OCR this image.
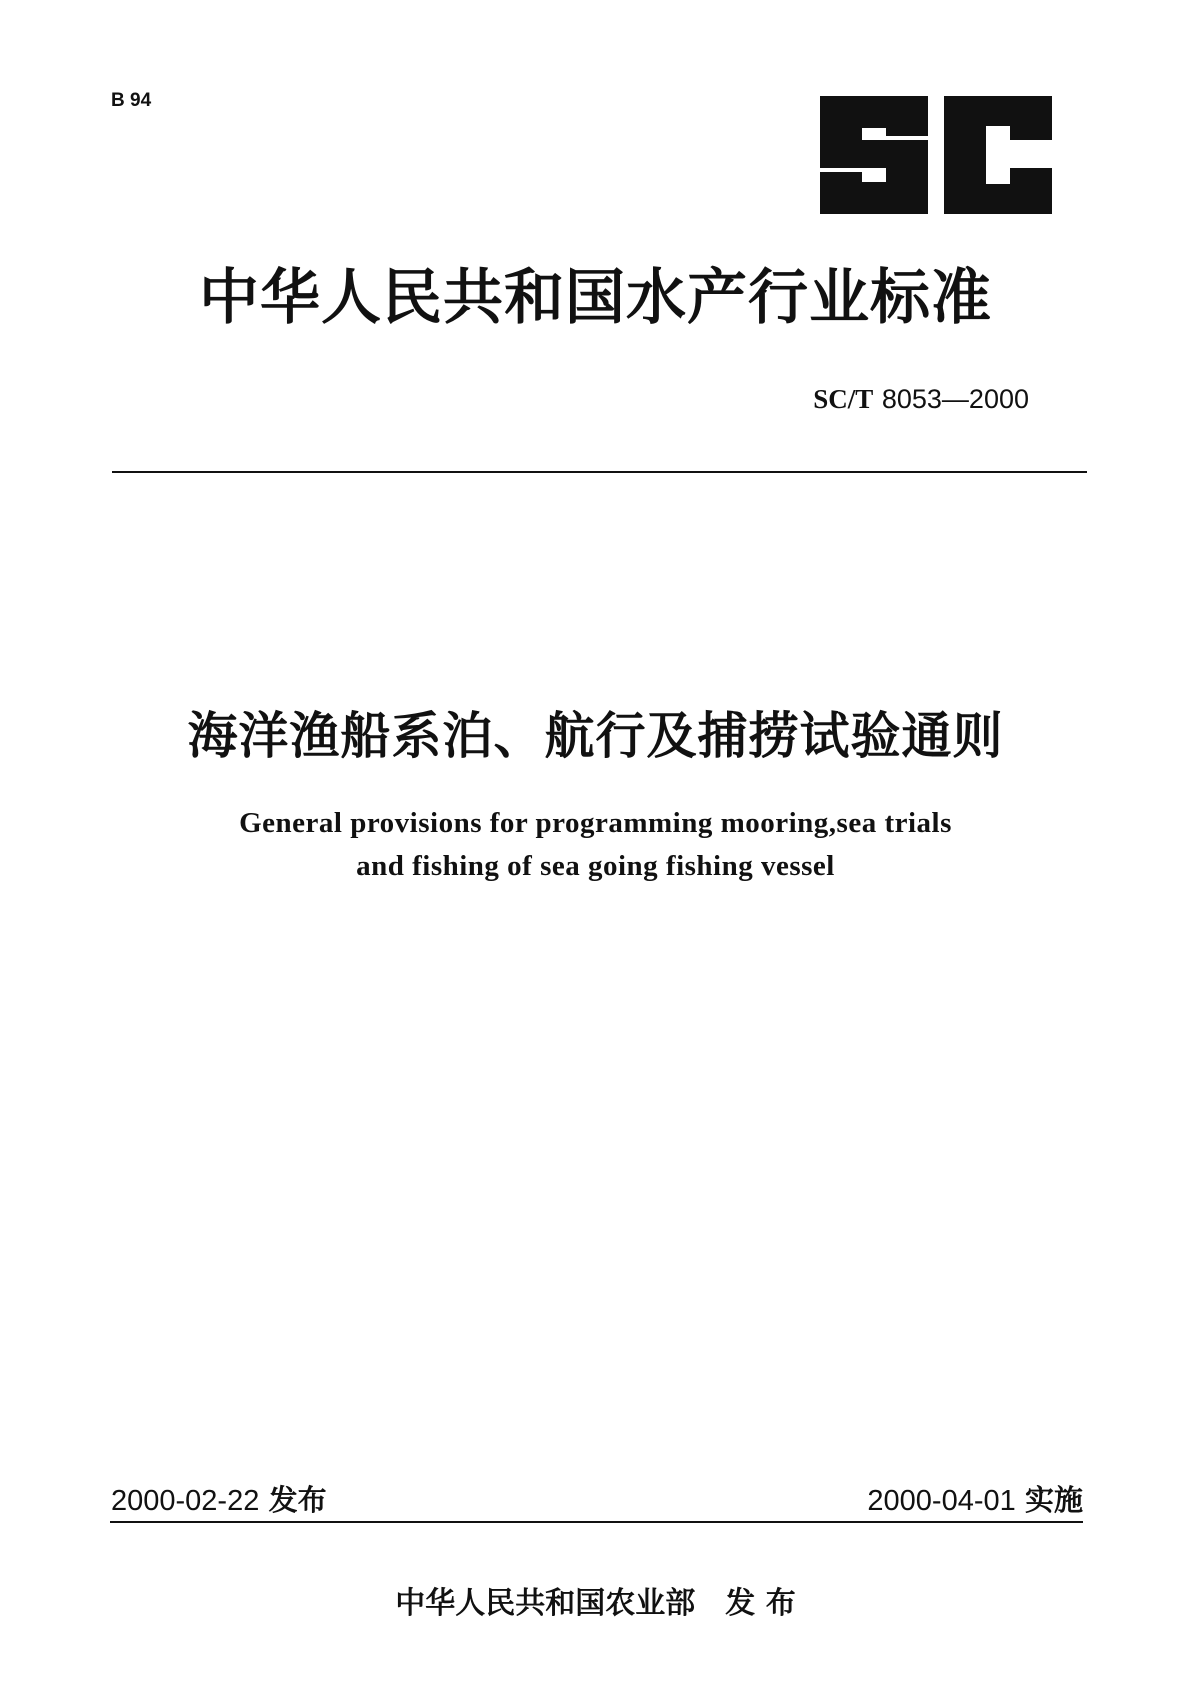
B 94
中华人民共和国水产行业标准
SC/T 8053—2000
海洋渔船系泊、航行及捕捞试验通则
General provisions for programming mooring,sea trials
and fishing of sea going fishing vessel
2000-02-22 发布	2000-04-01 实施
中华人民共和国农业部 发 布
